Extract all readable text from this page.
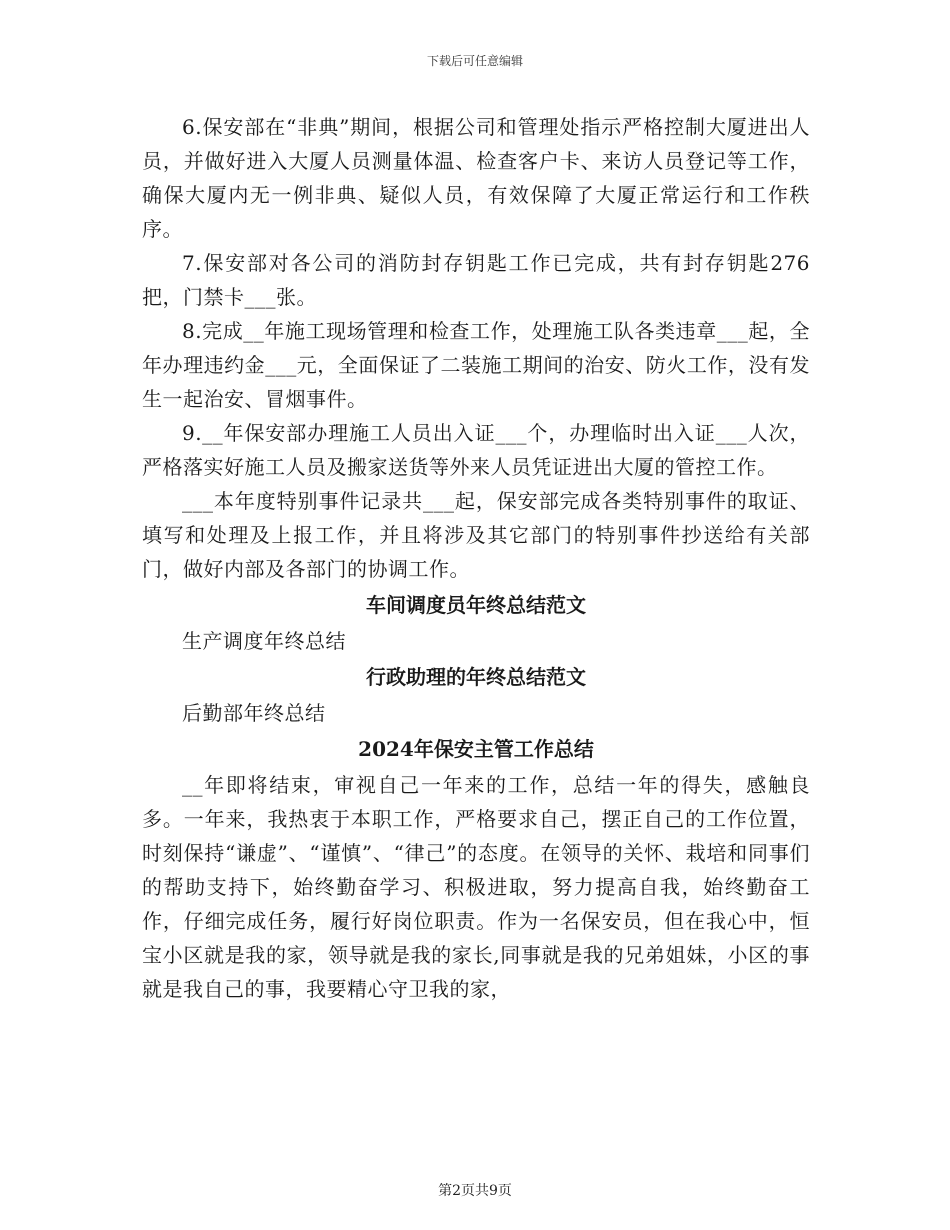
下载后可任意编辑

6.保安部在“非典”期间，根据公司和管理处指示严格控制大厦进出人员，并做好进入大厦人员测量体温、检查客户卡、来访人员登记等工作，确保大厦内无一例非典、疑似人员，有效保障了大厦正常运行和工作秩序。

7.保安部对各公司的消防封存钥匙工作已完成，共有封存钥匙276把，门禁卡___张。

8.完成__年施工现场管理和检查工作，处理施工队各类违章___起，全年办理违约金___元，全面保证了二装施工期间的治安、防火工作，没有发生一起治安、冒烟事件。

9.__年保安部办理施工人员出入证___个，办理临时出入证___人次，严格落实好施工人员及搬家送货等外来人员凭证进出大厦的管控工作。

___本年度特别事件记录共___起，保安部完成各类特别事件的取证、填写和处理及上报工作，并且将涉及其它部门的特别事件抄送给有关部门，做好内部及各部门的协调工作。

车间调度员年终总结范文

生产调度年终总结

行政助理的年终总结范文

后勤部年终总结

2024年保安主管工作总结

__年即将结束，审视自己一年来的工作，总结一年的得失，感触良多。一年来，我热衷于本职工作，严格要求自己，摆正自己的工作位置，时刻保持“谦虚”、“谨慎”、“律己”的态度。在领导的关怀、栽培和同事们的帮助支持下，始终勤奋学习、积极进取，努力提高自我，始终勤奋工作，仔细完成任务，履行好岗位职责。作为一名保安员，但在我心中，恒宝小区就是我的家，领导就是我的家长,同事就是我的兄弟姐妹，小区的事就是我自己的事，我要精心守卫我的家，

第2页共9页
